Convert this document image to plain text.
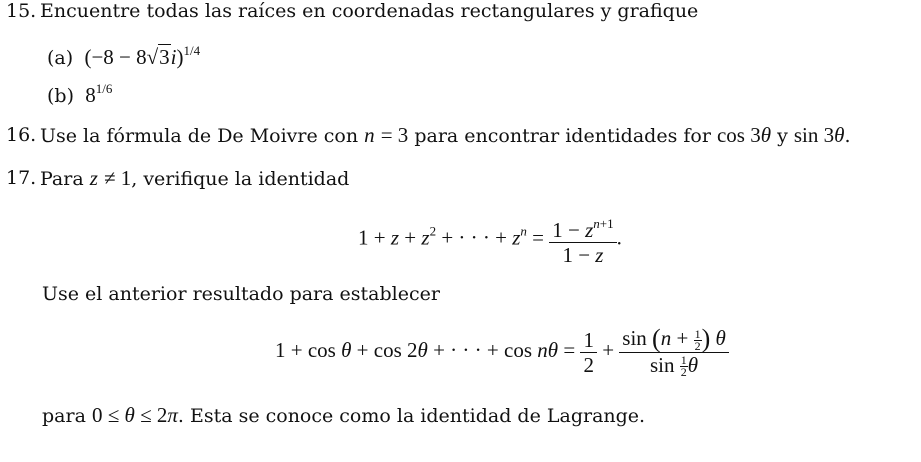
15. Encuentre todas las raíces en coordenadas rectangulares y grafique
(a)  $(-8 - 8√3i)^{1/4}$
(b)  $8^{1/6}$
16. Use la fórmula de De Moivre con n = 3 para encontrar identidades for cos 3θ y sin 3θ.
17. Para z ≠ 1, verifique la identidad
$1 + z + z^2$ + · · · + $z^n = \frac{1 - z^{n+1}}{1 - z}$ .
Use el anterior resultado para establecer
1 + cos θ + cos 2θ + · · · + $\cos n\theta = \frac{1}{2} + \frac{\sin (n + \frac{1}{2} ) \theta}{\sin \frac{1}{2} \theta}$
para 0 ≤ θ ≤ 2π. Esta se conoce como la identidad de Lagrange.
